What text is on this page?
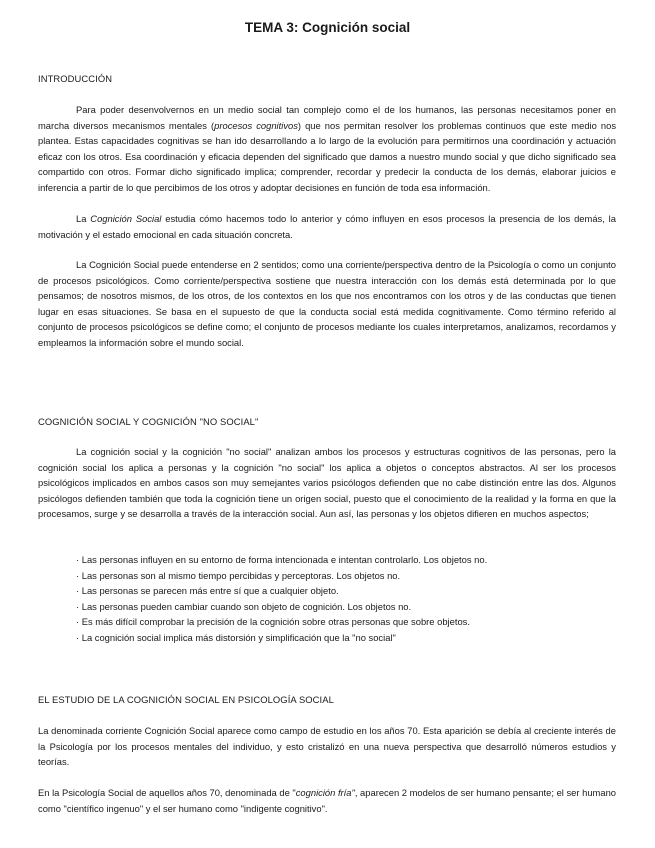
TEMA 3: Cognición social
INTRODUCCIÓN

Para poder desenvolvernos en un medio social tan complejo como el de los humanos, las personas necesitamos poner en marcha diversos mecanismos mentales (procesos cognitivos) que nos permitan resolver los problemas continuos que este medio nos plantea. Estas capacidades cognitivas se han ido desarrollando a lo largo de la evolución para permitirnos una coordinación y actuación eficaz con los otros. Esa coordinación y eficacia dependen del significado que damos a nuestro mundo social y que dicho significado sea compartido con otros. Formar dicho significado implica; comprender, recordar y predecir la conducta de los demás, elaborar juicios e inferencia a partir de lo que percibimos de los otros y adoptar decisiones en función de toda esa información.

La Cognición Social estudia cómo hacemos todo lo anterior y cómo influyen en esos procesos la presencia de los demás, la motivación y el estado emocional en cada situación concreta.

La Cognición Social puede entenderse en 2 sentidos; como una corriente/perspectiva dentro de la Psicología o como un conjunto de procesos psicológicos. Como corriente/perspectiva sostiene que nuestra interacción con los demás está determinada por lo que pensamos; de nosotros mismos, de los otros, de los contextos en los que nos encontramos con los otros y de las conductas que tienen lugar en esas situaciones. Se basa en el supuesto de que la conducta social está medida cognitivamente. Como término referido al conjunto de procesos psicológicos se define como; el conjunto de procesos mediante los cuales interpretamos, analizamos, recordamos y empleamos la información sobre el mundo social.

COGNICIÓN SOCIAL Y COGNICIÓN "NO SOCIAL"

La cognición social y la cognición "no social" analizan ambos los procesos y estructuras cognitivos de las personas, pero la cognición social los aplica a personas y la cognición "no social" los aplica a objetos o conceptos abstractos. Al ser los procesos psicológicos implicados en ambos casos son muy semejantes varios psicólogos defienden que no cabe distinción entre las dos. Algunos psicólogos defienden también que toda la cognición tiene un origen social, puesto que el conocimiento de la realidad y la forma en que la procesamos, surge y se desarrolla a través de la interacción social. Aun así, las personas y los objetos difieren en muchos aspectos;

· Las personas influyen en su entorno de forma intencionada e intentan controlarlo. Los objetos no.
· Las personas son al mismo tiempo percibidas y perceptoras. Los objetos no.
· Las personas se parecen más entre sí que a cualquier objeto.
· Las personas pueden cambiar cuando son objeto de cognición. Los objetos no.
· Es más difícil comprobar la precisión de la cognición sobre otras personas que sobre objetos.
· La cognición social implica más distorsión y simplificación que la "no social"
EL ESTUDIO DE LA COGNICIÓN SOCIAL EN PSICOLOGÍA SOCIAL

La denominada corriente Cognición Social aparece como campo de estudio en los años 70. Esta aparición se debía al creciente interés de la Psicología por los procesos mentales del individuo, y esto cristalizó en una nueva perspectiva que desarrolló números estudios y teorías.

En la Psicología Social de aquellos años 70, denominada de "cognición fría", aparecen 2 modelos de ser humano pensante; el ser humano como "científico ingenuo" y el ser humano como "indigente cognitivo".
